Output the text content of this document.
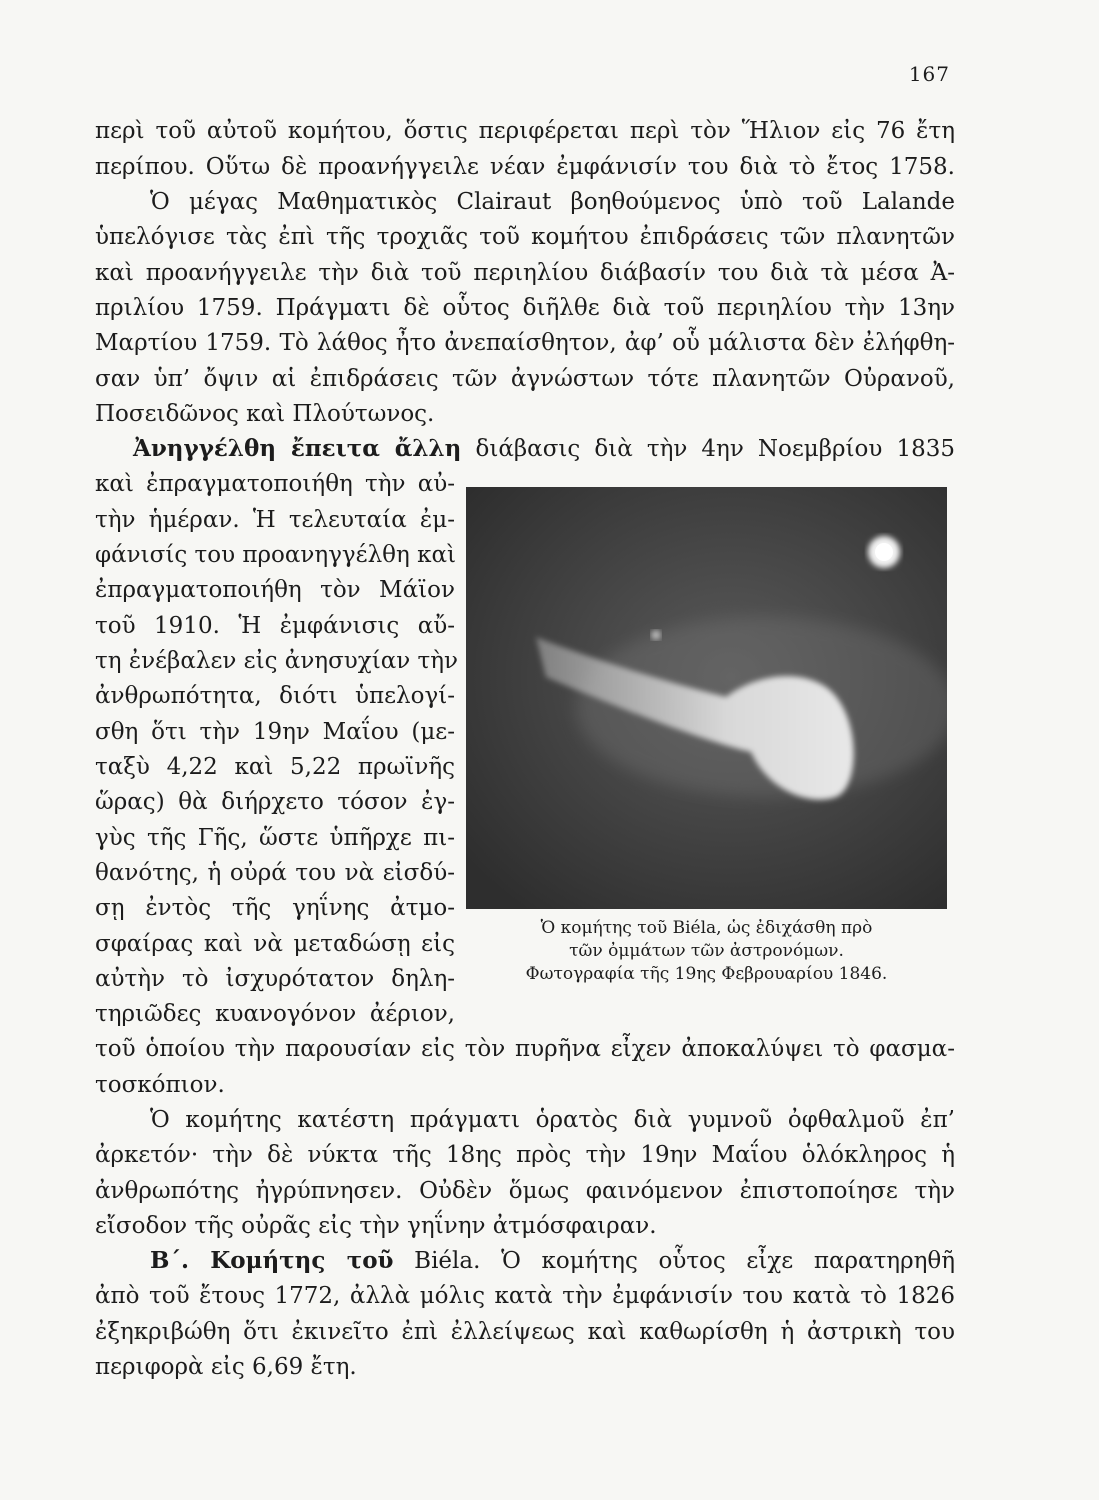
167
περὶ τοῦ αὐτοῦ κομήτου, ὅστις περιφέρεται περὶ τὸν Ἥλιον εἰς 76 ἔτη
περίπου. Οὕτω δὲ προανήγγειλε νέαν ἐμφάνισίν του διὰ τὸ ἔτος 1758.
Ὁ μέγας Μαθηματικὸς Clairaut βοηθούμενος ὑπὸ τοῦ Lalande
ὑπελόγισε τὰς ἐπὶ τῆς τροχιᾶς τοῦ κομήτου ἐπιδράσεις τῶν πλανητῶν
καὶ προανήγγειλε τὴν διὰ τοῦ περιηλίου διάβασίν του διὰ τὰ μέσα Ἀ-
πριλίου 1759. Πράγματι δὲ οὗτος διῆλθε διὰ τοῦ περιηλίου τὴν 13ην
Μαρτίου 1759. Τὸ λάθος ἦτο ἀνεπαίσθητον, ἀφ’ οὗ μάλιστα δὲν ἐλήφθη-
σαν ὑπ’ ὄψιν αἱ ἐπιδράσεις τῶν ἀγνώστων τότε πλανητῶν Οὐρανοῦ,
Ποσειδῶνος καὶ Πλούτωνος.
Ἀνηγγέλθη ἔπειτα ἄλλη διάβασις διὰ τὴν 4ην Νοεμβρίου 1835
καὶ ἐπραγματοποιήθη τὴν αὐ-
τὴν ἡμέραν. Ἡ τελευταία ἐμ-
φάνισίς του προανηγγέλθη καὶ
ἐπραγματοποιήθη τὸν Μάϊον
τοῦ 1910. Ἡ ἐμφάνισις αὔ-
τη ἐνέβαλεν εἰς ἀνησυχίαν τὴν
ἀνθρωπότητα, διότι ὑπελογί-
σθη ὅτι τὴν 19ην Μαΐου (με-
ταξὺ 4,22 καὶ 5,22 πρωϊνῆς
ὥρας) θὰ διήρχετο τόσον ἐγ-
γὺς τῆς Γῆς, ὥστε ὑπῆρχε πι-
θανότης, ἡ οὐρά του νὰ εἰσδύ-
σῃ ἐντὸς τῆς γηΐνης ἀτμο-
σφαίρας καὶ νὰ μεταδώσῃ εἰς
αὐτὴν τὸ ἰσχυρότατον δηλη-
τηριῶδες κυανογόνον ἀέριον,
Ὁ κομήτης τοῦ Biéla, ὡς ἐδιχάσθη πρὸ
τῶν ὀμμάτων τῶν ἀστρονόμων.
Φωτογραφία τῆς 19ης Φεβρουαρίου 1846.
τοῦ ὁποίου τὴν παρουσίαν εἰς τὸν πυρῆνα εἶχεν ἀποκαλύψει τὸ φασμα-
τοσκόπιον.
Ὁ κομήτης κατέστη πράγματι ὁρατὸς διὰ γυμνοῦ ὀφθαλμοῦ ἐπ’
ἀρκετόν· τὴν δὲ νύκτα τῆς 18ης πρὸς τὴν 19ην Μαΐου ὁλόκληρος ἡ
ἀνθρωπότης ἠγρύπνησεν. Οὐδὲν ὅμως φαινόμενον ἐπιστοποίησε τὴν
εἴσοδον τῆς οὐρᾶς εἰς τὴν γηΐνην ἀτμόσφαιραν.
Β΄. Κομήτης τοῦ Biéla. Ὁ κομήτης οὗτος εἶχε παρατηρηθῆ
ἀπὸ τοῦ ἔτους 1772, ἀλλὰ μόλις κατὰ τὴν ἐμφάνισίν του κατὰ τὸ 1826
ἐξηκριβώθη ὅτι ἐκινεῖτο ἐπὶ ἐλλείψεως καὶ καθωρίσθη ἡ ἀστρικὴ του
περιφορὰ εἰς 6,69 ἔτη.
